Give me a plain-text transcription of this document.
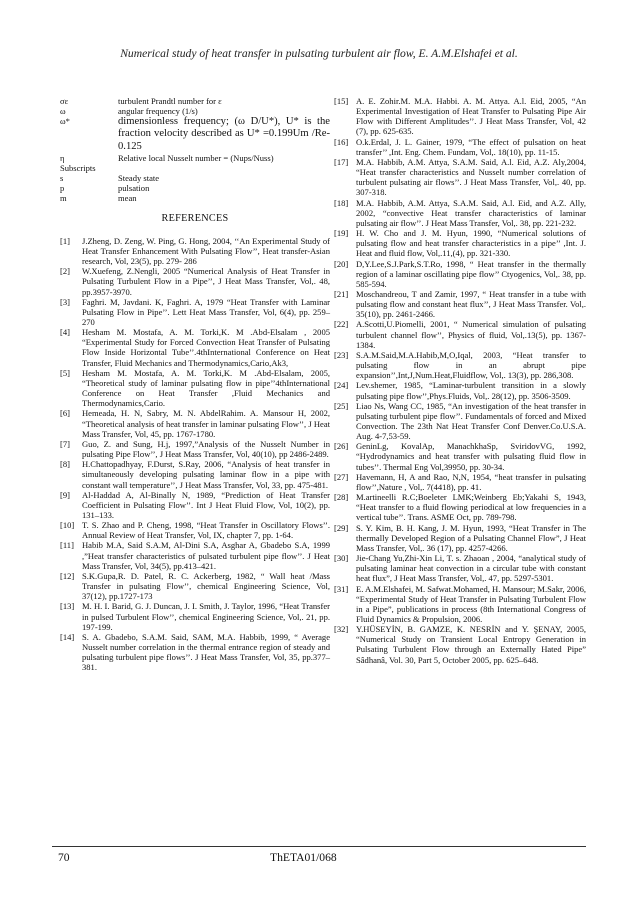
Numerical study of heat transfer in pulsating turbulent air flow, E. A.M.Elshafei et al.
σε	turbulent Prandtl number for ε
ω	angular frequency (1/s)
ω*	dimensionless frequency; (ω D/U*), U* is the fraction velocity described as U* =0.199Um /Re-0.125
η	Relative local Nusselt number = (Nups/Nuss)
Subscripts
s	Steady state
p	pulsation
m	mean
REFERENCES
[1]	J.Zheng, D. Zeng, W. Ping, G. Hong, 2004, ‘‘An Experimental Study of Heat Transfer Enhancement With Pulsating Flow’’, Heat transfer-Asian research, Vol, 23(5), pp. 279- 286
[2]	W.Xuefeng, Z.Nengli, 2005 “Numerical Analysis of Heat Transfer in Pulsating Turbulent Flow in a Pipe’’, J Heat Mass Transfer, Vol,. 48, pp.3957-3970.
[3]	Faghri. M, Javdani. K, Faghri. A, 1979 “Heat Transfer with Laminar Pulsating Flow in Pipe’’. Lett Heat Mass Transfer, Vol, 6(4), pp. 259–270
[4]	Hesham M. Mostafa, A. M. Torki,K. M .Abd-Elsalam , 2005 “Experimental Study for Forced Convection Heat Transfer of Pulsating Flow Inside Horizontal Tube’’.4thInternational Conference on Heat Transfer, Fluid Mechanics and Thermodynamics,Cario,Ak3,
[5]	Hesham M. Mostafa, A. M. Torki,K. M .Abd-Elsalam, 2005, “Theoretical study of laminar pulsating flow in pipe’’4thInternational Conference on Heat Transfer ,Fluid Mechanics and Thermodynamics,Cario.
[6]	Hemeada, H. N, Sabry, M. N. AbdelRahim. A. Mansour H, 2002, “Theoretical analysis of heat transfer in laminar pulsating Flow’’, J Heat Mass Transfer, Vol, 45, pp. 1767-1780.
[7]	Guo, Z. and Sung, H.j, 1997,”Analysis of the Nusselt Number in pulsating Pipe Flow’’, J Heat Mass Transfer, Vol, 40(10), pp 2486-2489.
[8]	H.Chattopadhyay, F.Durst, S.Ray, 2006, “Analysis of heat transfer in simultaneously developing pulsating laminar flow in a pipe with constant wall temperature’’, J Heat Mass Transfer, Vol, 33, pp. 475-481.
[9]	Al-Haddad A, Al-Binally N, 1989, “Prediction of Heat Transfer Coefficient in Pulsating Flow’’. Int J Heat Fluid Flow, Vol, 10(2), pp. 131–133.
[10] T. S. Zhao and P. Cheng, 1998, “Heat Transfer in Oscillatory Flows’’. Annual Review of Heat Transfer, Vol, IX, chapter 7, pp. 1-64.
[11] Habib M.A, Said S.A.M, Al-Dini S.A, Asghar A, Gbadebo S.A, 1999 ,”Heat transfer characteristics of pulsated turbulent pipe flow’’. J Heat Mass Transfer, Vol, 34(5), pp.413–421.
[12] S.K.Gupa,R. D. Patel, R. C. Ackerberg, 1982, “ Wall heat /Mass Transfer in pulsating Flow’’, chemical Engineering Science, Vol, 37(12), pp.1727-173
[13] M. H. I. Barid, G. J. Duncan, J. I. Smith, J. Taylor, 1996, “Heat Transfer in pulsed Turbulent Flow’’, chemical Engineering Science, Vol,. 21, pp. 197-199.
[14] S. A. Gbadebo, S.A.M. Said, SAM, M.A. Habbib, 1999, “ Average Nusselt number correlation in the thermal entrance region of steady and pulsating turbulent pipe flows’’. J Heat Mass Transfer, Vol, 35, pp.377–381.
[15] A. E. Zohir.M. M.A. Habbi. A. M. Attya. A.l. Eid, 2005, “An Experimental Investigation of Heat Transfer to Pulsating Pipe Air Flow with Different Amplitudes’’. J Heat Mass Transfer, Vol, 42 (7), pp. 625-635.
[16] O.k.Erdal, J. L. Gainer, 1979, “The effect of pulsation on heat transfer’’ ,Int. Eng. Chem. Fundam, Vol,. 18(10), pp. 11-15.
[17] M.A. Habbib, A.M. Attya, S.A.M. Said, A.l. Eid, A.Z. Aly,2004, “Heat transfer characteristics and Nusselt number correlation of turbulent pulsating air flows’’. J Heat Mass Transfer, Vol,. 40, pp. 307-318.
[18] M.A. Habbib, A.M. Attya, S.A.M. Said, A.l. Eid, and A.Z. Ally, 2002, “convective Heat transfer characteristics of laminar pulsating air flow’’. J Heat Mass Transfer, Vol,. 38, pp. 221-232.
[19] H. W. Cho and J. M. Hyun, 1990, “Numerical solutions of pulsating flow and heat transfer characteristics in a pipe’’ ,Int. J. Heat and fluid flow, Vol,.11,(4), pp. 321-330.
[20] D,Y.Lee,S.J.Park,S.T.Ro, 1998, “ Heat transfer in the thermally region of a laminar oscillating pipe flow’’ Ctyogenics, Vol,. 38, pp. 585-594.
[21] Moschandreou, T and Zamir, 1997, “ Heat transfer in a tube with pulsating flow and constant heat flux’’, J Heat Mass Transfer. Vol,. 35(10), pp. 2461-2466.
[22] A.Scotti,U.Piomelli, 2001, “ Numerical simulation of pulsating turbulent channel flow’’, Physics of fluid, Vol,.13(5), pp. 1367-1384.
[23] S.A.M.Said,M.A.Habib,M,O,Iqal, 2003, “Heat transfer to pulsating flow in an abrupt pipe expansion’’,Int,J,Num.Heat,Fluidflow, Vol,. 13(3), pp. 286,308.
[24] Lev.shemer, 1985, “Laminar-turbulent transition in a slowly pulsating pipe flow’’,Phys.Fluids, Vol,. 28(12), pp. 3506-3509.
[25] Liao Ns, Wang CC, 1985, “An investigation of the heat transfer in pulsating turbulent pipe flow’’. Fundamentals of forced and Mixed Convection. The 23th Nat Heat Transfer Conf Denver.Co.U.S.A. Aug. 4-7,53-59.
[26] GeninLg, KovalAp, ManachkhaSp, SviridovVG, 1992, “Hydrodynamics and heat transfer with pulsating fluid flow in tubes’’. Thermal Eng Vol,39950, pp. 30-34.
[27] Havemann, H, A and Rao, N,N, 1954, “heat transfer in pulsating flow’’,Nature , Vol,. 7(4418), pp. 41.
[28] M.artineelli R.C;Boeleter LMK;Weinberg Eb;Yakahi S, 1943, “Heat transfer to a fluid flowing periodical at low frequencies in a vertical tube’’. Trans. ASME Oct, pp. 789-798.
[29] S. Y. Kim, B. H. Kang, J. M. Hyun, 1993, “Heat Transfer in The thermally Developed Region of a Pulsating Channel Flow”, J Heat Mass Transfer, Vol,. 36 (17), pp. 4257-4266.
[30] Jie-Chang Yu,Zhi-Xin Li, T. s. Zhaoan , 2004, “analytical study of pulsating laminar heat convection in a circular tube with constant heat flux”, J Heat Mass Transfer, Vol,. 47, pp. 5297-5301.
[31] E. A.M.Elshafei, M. Safwat.Mohamed, H. Mansour; M.Sakr, 2006, “Experimental Study of Heat Transfer in Pulsating Turbulent Flow in a Pipe”, publications in process (8th International Congress of Fluid Dynamics & Propulsion, 2006.
[32] Y.HÜSEYİN, B. GAMZE, K. NESRİN and Y. ŞENAY, 2005, “Numerical Study on Transient Local Entropy Generation in Pulsating Turbulent Flow through an Externally Hated Pipe” Sâdhanâ, Vol. 30, Part 5, October 2005, pp. 625–648.
70	ThETA01/068
